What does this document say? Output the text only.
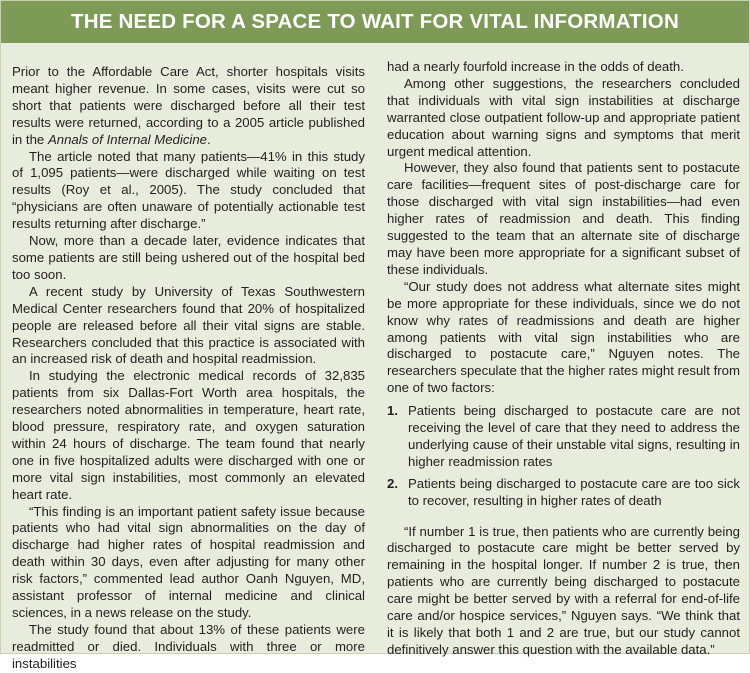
THE NEED FOR A SPACE TO WAIT FOR VITAL INFORMATION

Prior to the Affordable Care Act, shorter hospitals visits meant higher revenue. In some cases, visits were cut so short that patients were discharged before all their test results were returned, according to a 2005 article published in the Annals of Internal Medicine.

The article noted that many patients—41% in this study of 1,095 patients—were discharged while waiting on test results (Roy et al., 2005). The study concluded that “physicians are often unaware of potentially actionable test results returning after discharge.”

Now, more than a decade later, evidence indicates that some patients are still being ushered out of the hospital bed too soon.

A recent study by University of Texas Southwestern Medical Center researchers found that 20% of hospitalized people are released before all their vital signs are stable. Researchers concluded that this practice is associated with an increased risk of death and hospital readmission.

In studying the electronic medical records of 32,835 patients from six Dallas-Fort Worth area hospitals, the researchers noted abnormalities in temperature, heart rate, blood pressure, respiratory rate, and oxygen saturation within 24 hours of discharge. The team found that nearly one in five hospitalized adults were discharged with one or more vital sign instabilities, most commonly an elevated heart rate.

“This finding is an important patient safety issue because patients who had vital sign abnormalities on the day of discharge had higher rates of hospital readmission and death within 30 days, even after adjusting for many other risk factors,” commented lead author Oanh Nguyen, MD, assistant professor of internal medicine and clinical sciences, in a news release on the study.

The study found that about 13% of these patients were readmitted or died. Individuals with three or more instabilities

had a nearly fourfold increase in the odds of death.

Among other suggestions, the researchers concluded that individuals with vital sign instabilities at discharge warranted close outpatient follow-up and appropriate patient education about warning signs and symptoms that merit urgent medical attention.

However, they also found that patients sent to postacute care facilities—frequent sites of post-discharge care for those discharged with vital sign instabilities—had even higher rates of readmission and death. This finding suggested to the team that an alternate site of discharge may have been more appropriate for a significant subset of these individuals.

“Our study does not address what alternate sites might be more appropriate for these individuals, since we do not know why rates of readmissions and death are higher among patients with vital sign instabilities who are discharged to postacute care,” Nguyen notes. The researchers speculate that the higher rates might result from one of two factors:

1. Patients being discharged to postacute care are not receiving the level of care that they need to address the underlying cause of their unstable vital signs, resulting in higher readmission rates
2. Patients being discharged to postacute care are too sick to recover, resulting in higher rates of death

“If number 1 is true, then patients who are currently being discharged to postacute care might be better served by remaining in the hospital longer. If number 2 is true, then patients who are currently being discharged to postacute care might be better served by with a referral for end-of-life care and/or hospice services,” Nguyen says. “We think that it is likely that both 1 and 2 are true, but our study cannot definitively answer this question with the available data.”
